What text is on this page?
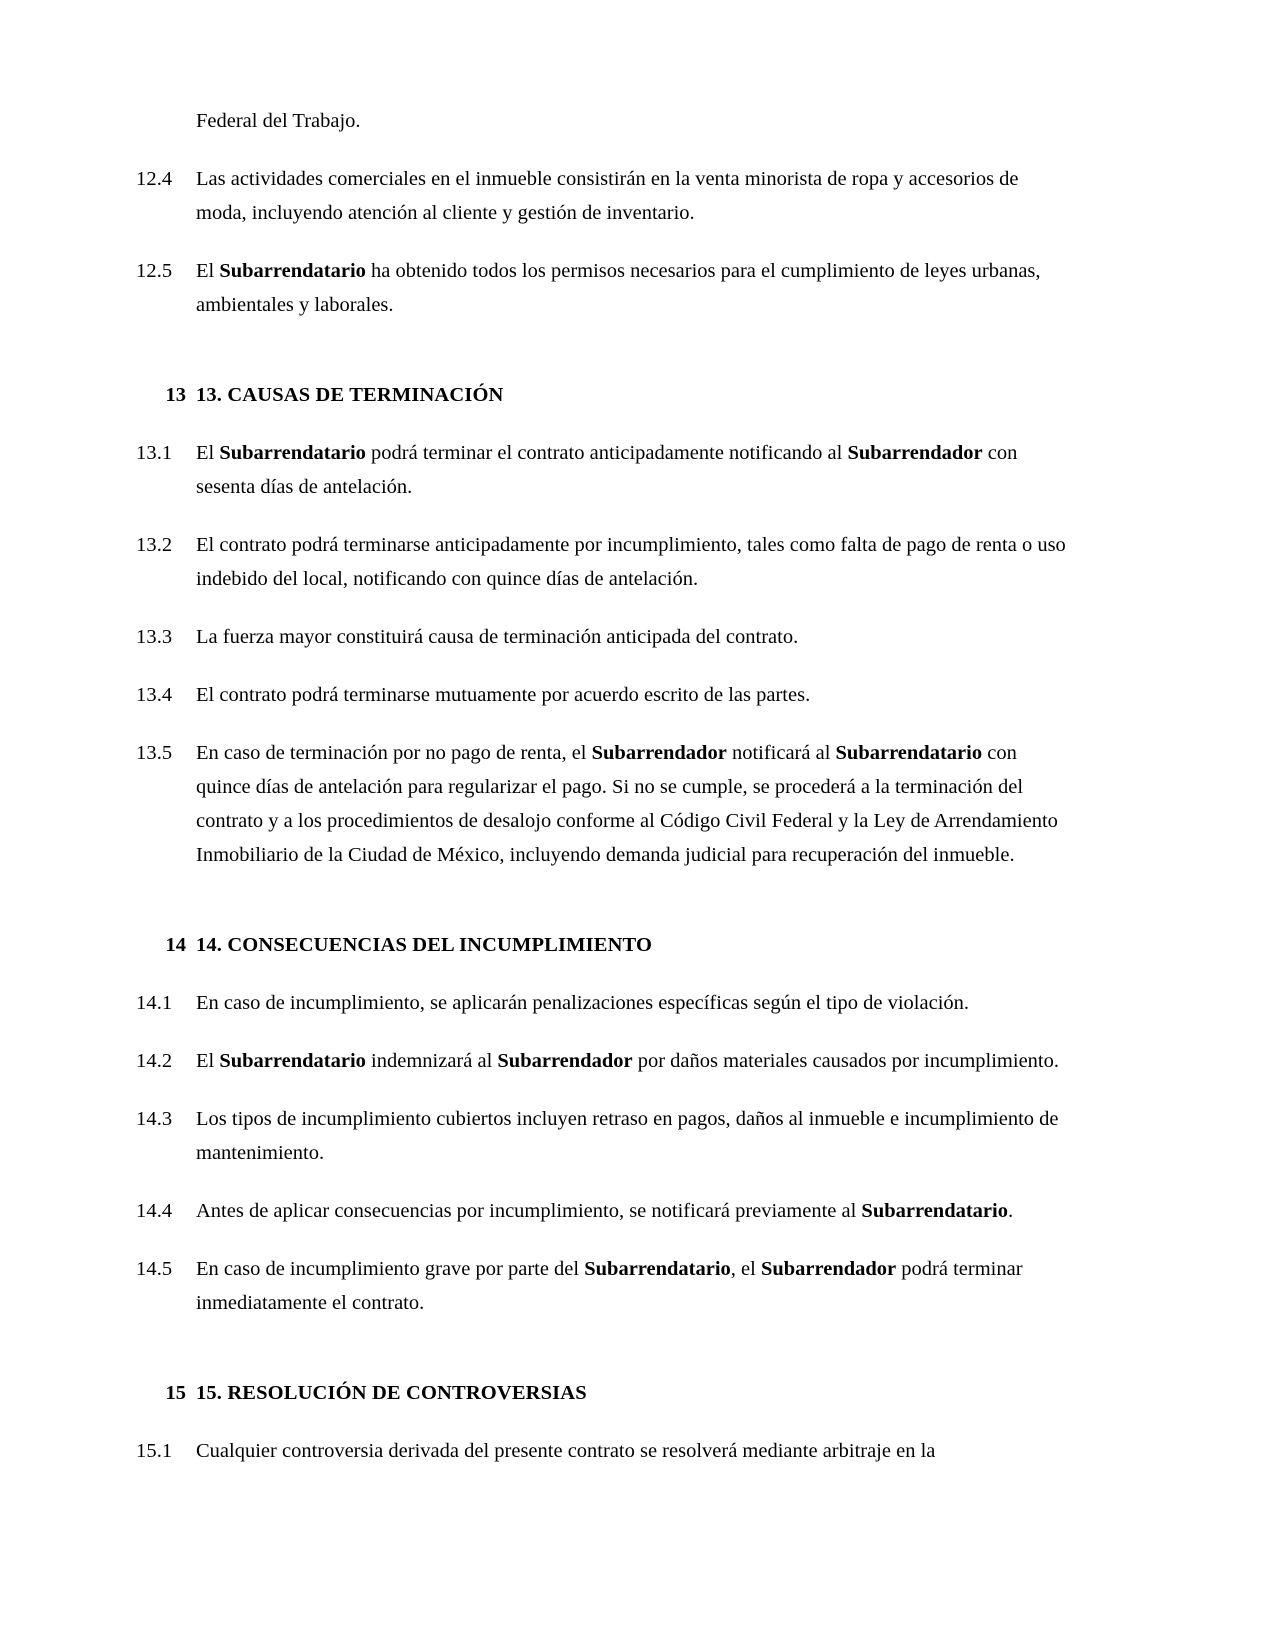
Federal del Trabajo.

12.4	Las actividades comerciales en el inmueble consistirán en la venta minorista de ropa y accesorios de moda, incluyendo atención al cliente y gestión de inventario.
12.5	El Subarrendatario ha obtenido todos los permisos necesarios para el cumplimiento de leyes urbanas, ambientales y laborales.
13 13. CAUSAS DE TERMINACIÓN
13.1	El Subarrendatario podrá terminar el contrato anticipadamente notificando al Subarrendador con sesenta días de antelación.
13.2	El contrato podrá terminarse anticipadamente por incumplimiento, tales como falta de pago de renta o uso indebido del local, notificando con quince días de antelación.
13.3	La fuerza mayor constituirá causa de terminación anticipada del contrato.
13.4	El contrato podrá terminarse mutuamente por acuerdo escrito de las partes.
13.5	En caso de terminación por no pago de renta, el Subarrendador notificará al Subarrendatario con quince días de antelación para regularizar el pago. Si no se cumple, se procederá a la terminación del contrato y a los procedimientos de desalojo conforme al Código Civil Federal y la Ley de Arrendamiento Inmobiliario de la Ciudad de México, incluyendo demanda judicial para recuperación del inmueble.
14 14. CONSECUENCIAS DEL INCUMPLIMIENTO
14.1	En caso de incumplimiento, se aplicarán penalizaciones específicas según el tipo de violación.
14.2	El Subarrendatario indemnizará al Subarrendador por daños materiales causados por incumplimiento.
14.3	Los tipos de incumplimiento cubiertos incluyen retraso en pagos, daños al inmueble e incumplimiento de mantenimiento.
14.4	Antes de aplicar consecuencias por incumplimiento, se notificará previamente al Subarrendatario.
14.5	En caso de incumplimiento grave por parte del Subarrendatario, el Subarrendador podrá terminar inmediatamente el contrato.
15 15. RESOLUCIÓN DE CONTROVERSIAS
15.1	Cualquier controversia derivada del presente contrato se resolverá mediante arbitraje en la
